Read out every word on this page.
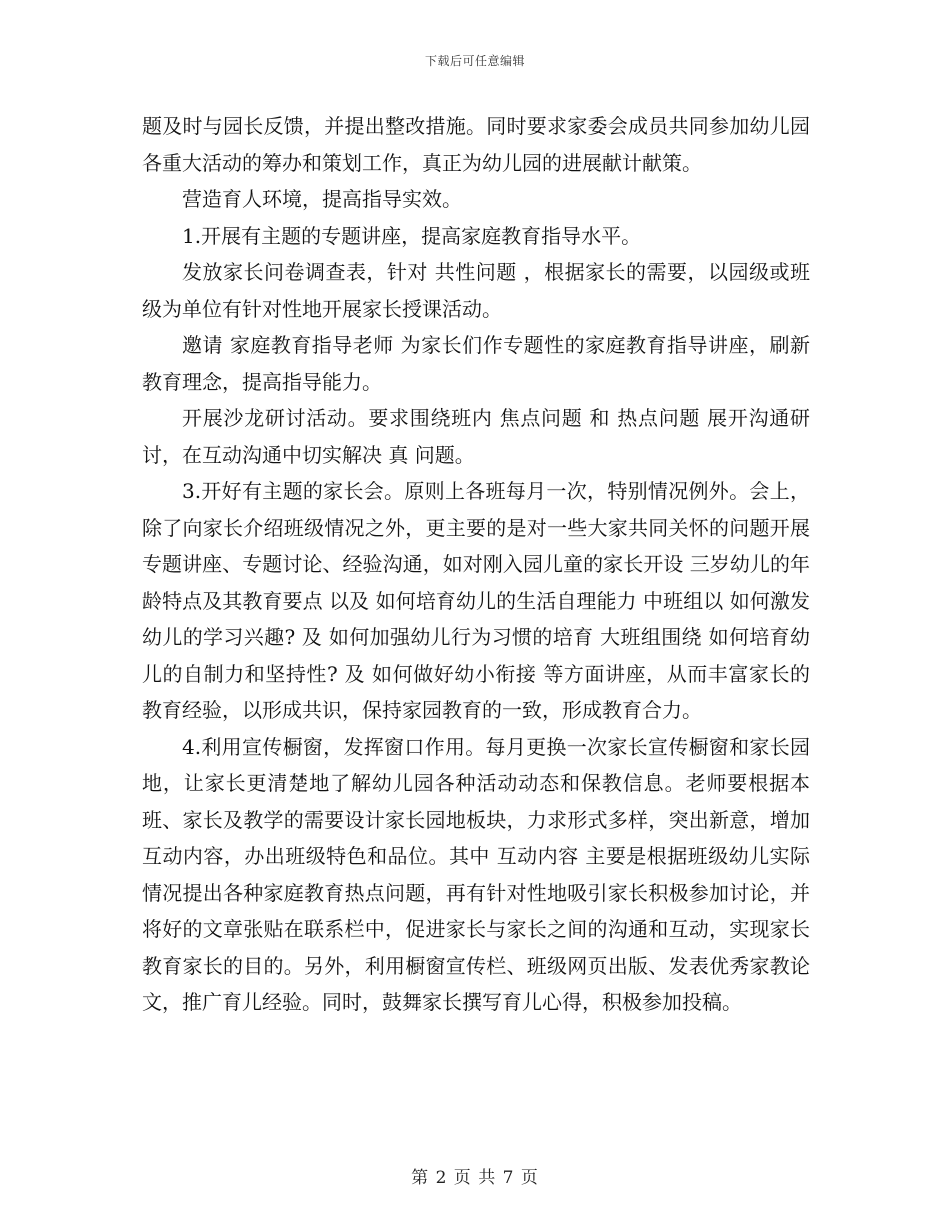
下载后可任意编辑

题及时与园长反馈，并提出整改措施。同时要求家委会成员共同参加幼儿园各重大活动的筹办和策划工作，真正为幼儿园的进展献计献策。

营造育人环境，提高指导实效。

1.开展有主题的专题讲座，提高家庭教育指导水平。

发放家长问卷调查表，针对 共性问题 ，根据家长的需要，以园级或班级为单位有针对性地开展家长授课活动。

邀请 家庭教育指导老师 为家长们作专题性的家庭教育指导讲座，刷新教育理念，提高指导能力。

开展沙龙研讨活动。要求围绕班内 焦点问题 和 热点问题 展开沟通研讨，在互动沟通中切实解决 真 问题。

3.开好有主题的家长会。原则上各班每月一次，特别情况例外。会上，除了向家长介绍班级情况之外，更主要的是对一些大家共同关怀的问题开展专题讲座、专题讨论、经验沟通，如对刚入园儿童的家长开设 三岁幼儿的年龄特点及其教育要点 以及 如何培育幼儿的生活自理能力 中班组以 如何激发幼儿的学习兴趣? 及 如何加强幼儿行为习惯的培育 大班组围绕 如何培育幼儿的自制力和坚持性? 及 如何做好幼小衔接 等方面讲座，从而丰富家长的教育经验，以形成共识，保持家园教育的一致，形成教育合力。

4.利用宣传橱窗，发挥窗口作用。每月更换一次家长宣传橱窗和家长园地，让家长更清楚地了解幼儿园各种活动动态和保教信息。老师要根据本班、家长及教学的需要设计家长园地板块，力求形式多样，突出新意，增加互动内容，办出班级特色和品位。其中 互动内容 主要是根据班级幼儿实际情况提出各种家庭教育热点问题，再有针对性地吸引家长积极参加讨论，并将好的文章张贴在联系栏中，促进家长与家长之间的沟通和互动，实现家长教育家长的目的。另外，利用橱窗宣传栏、班级网页出版、发表优秀家教论文，推广育儿经验。同时，鼓舞家长撰写育儿心得，积极参加投稿。

第 2 页 共 7 页
